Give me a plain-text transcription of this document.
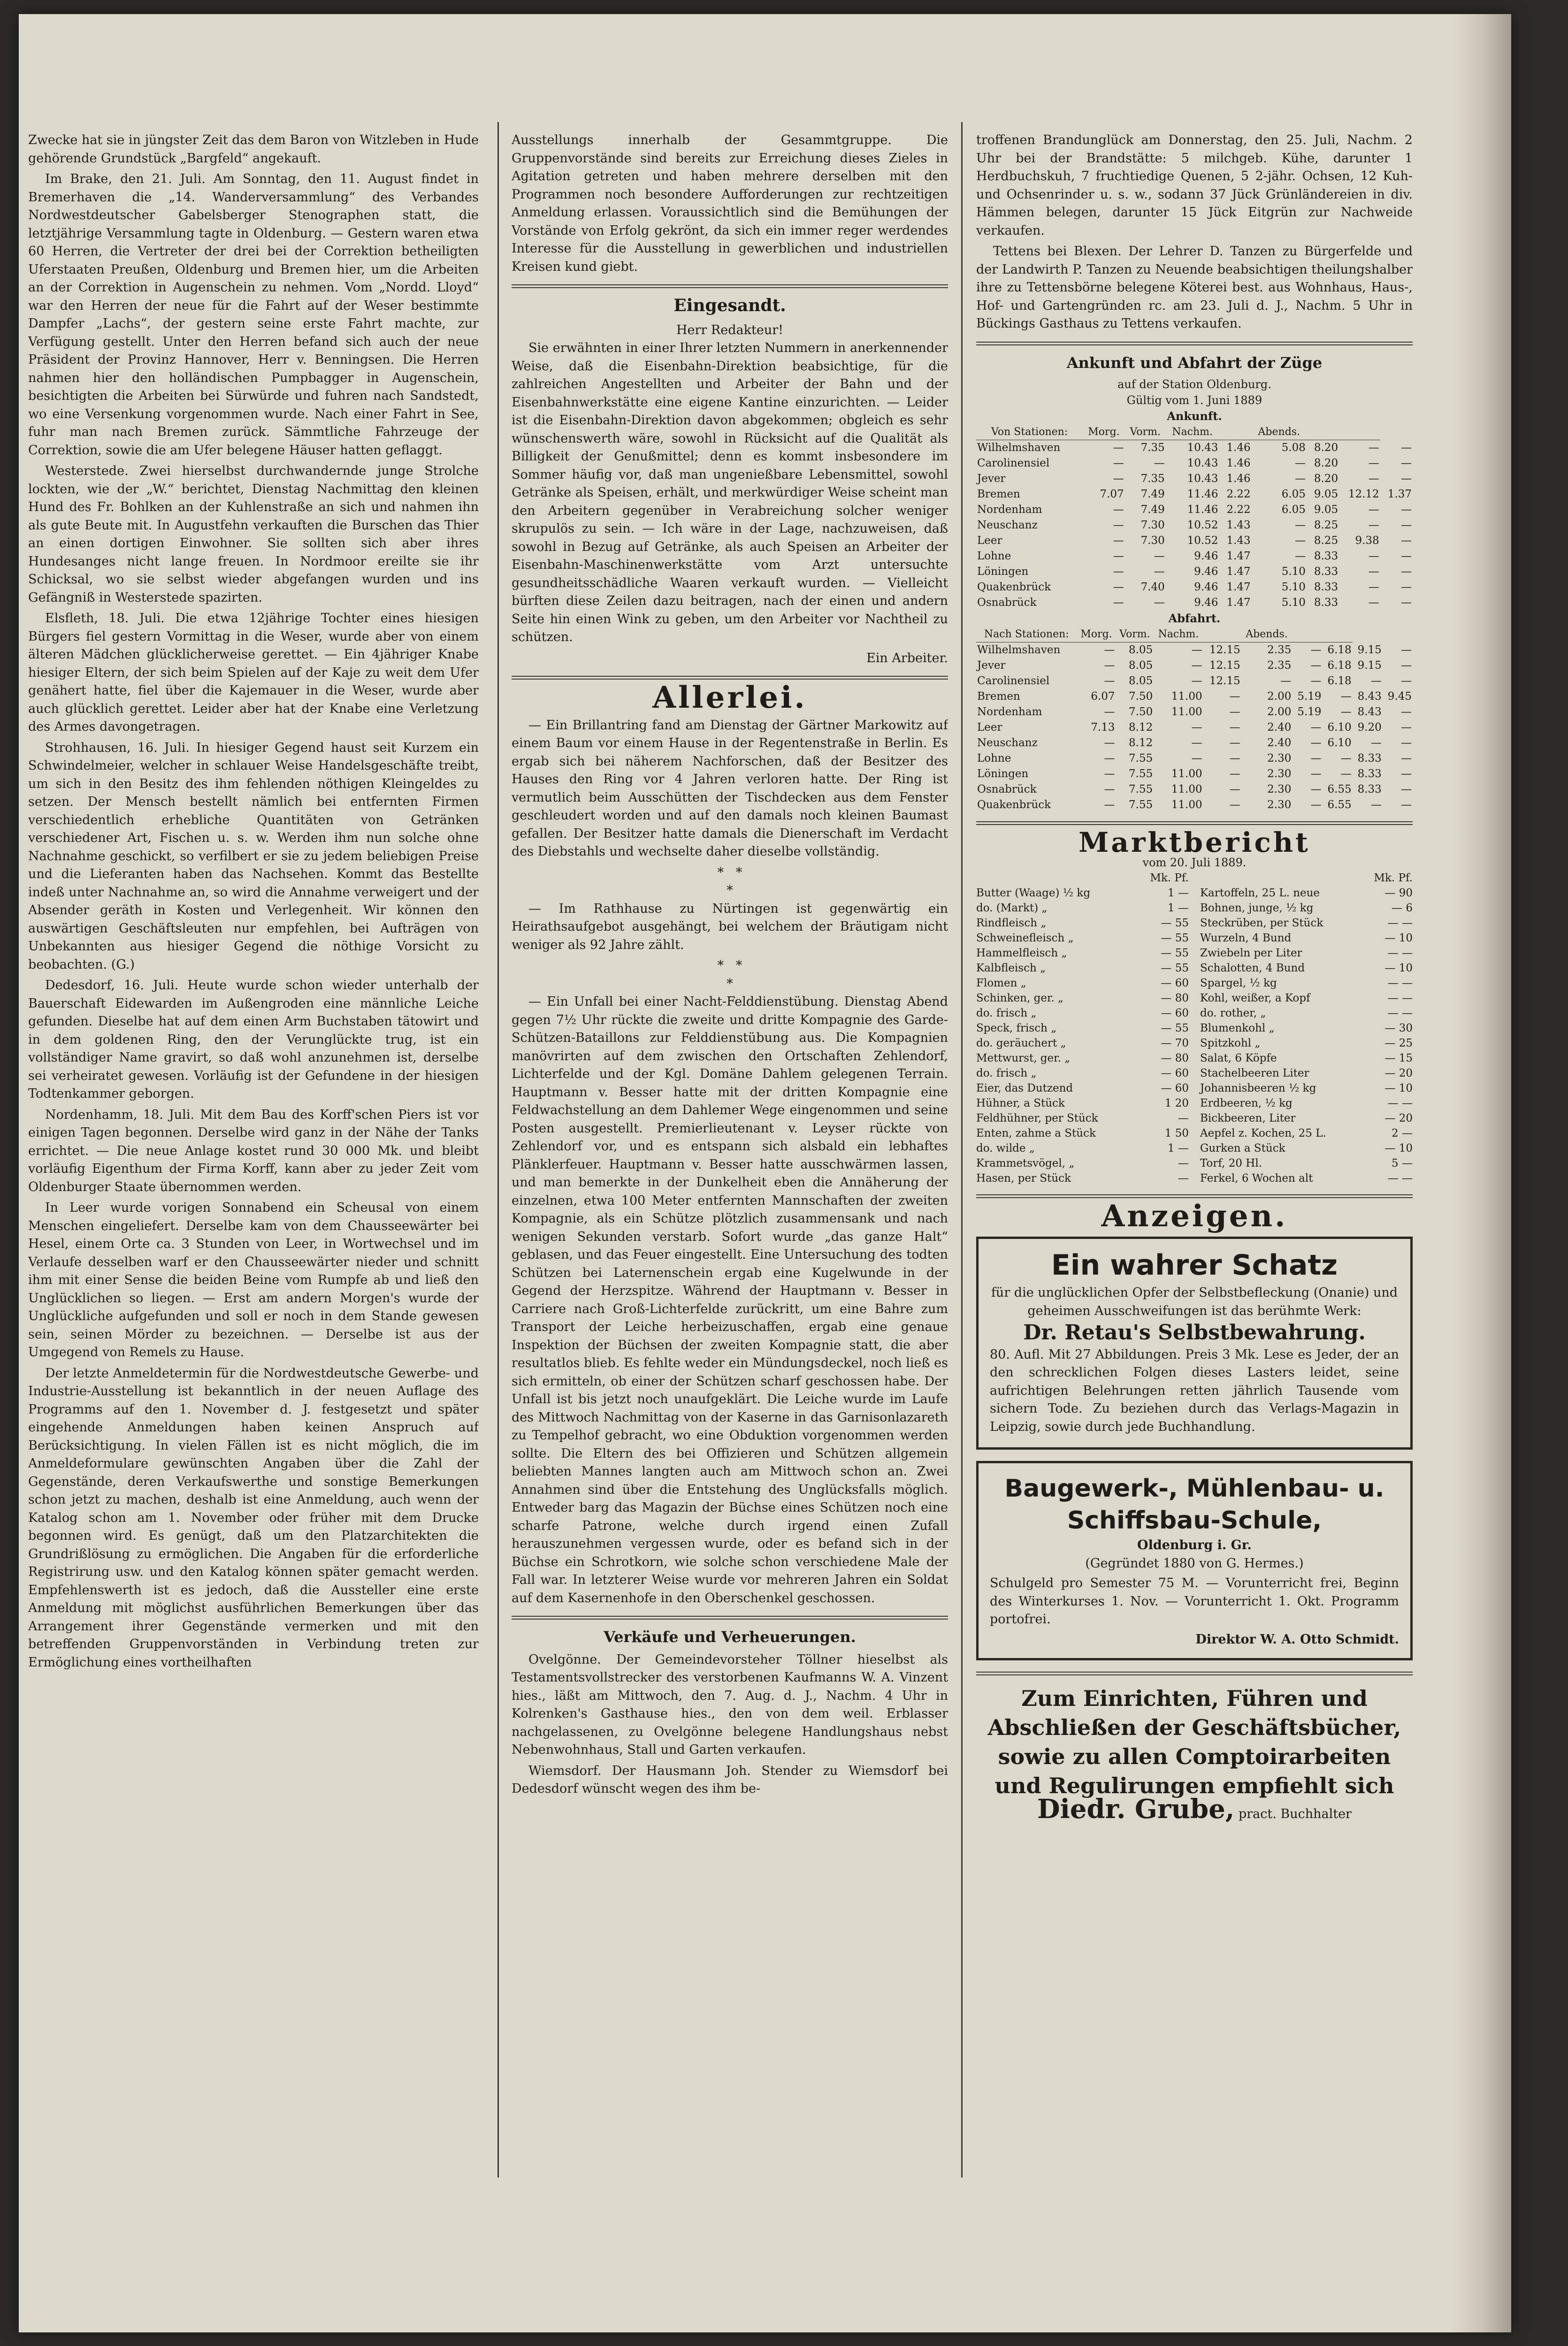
Zwecke hat sie in jüngster Zeit das dem Baron von Witzleben in Hude gehörende Grundstück „Bargfeld“ angekauft.

Im Brake, den 21. Juli. Am Sonntag, den 11. August findet in Bremerhaven die „14. Wanderversammlung“ des Verbandes Nordwestdeutscher Gabelsberger Stenographen statt, die letztjährige Versammlung tagte in Oldenburg. — Gestern waren etwa 60 Herren, die Vertreter der drei bei der Correktion betheiligten Uferstaaten Preußen, Oldenburg und Bremen hier, um die Arbeiten an der Correktion in Augenschein zu nehmen. Vom „Nordd. Lloyd“ war den Herren der neue für die Fahrt auf der Weser bestimmte Dampfer „Lachs“, der gestern seine erste Fahrt machte, zur Verfügung gestellt. Unter den Herren befand sich auch der neue Präsident der Provinz Hannover, Herr v. Benningsen. Die Herren nahmen hier den holländischen Pumpbagger in Augenschein, besichtigten die Arbeiten bei Sürwürde und fuhren nach Sandstedt, wo eine Versenkung vorgenommen wurde. Nach einer Fahrt in See, fuhr man nach Bremen zurück. Sämmtliche Fahrzeuge der Correktion, sowie die am Ufer belegene Häuser hatten geflaggt.

Westerstede. Zwei hierselbst durchwandernde junge Strolche lockten, wie der „W.“ berichtet, Dienstag Nachmittag den kleinen Hund des Fr. Bohlken an der Kuhlenstraße an sich und nahmen ihn als gute Beute mit. In Augustfehn verkauften die Burschen das Thier an einen dortigen Einwohner. Sie sollten sich aber ihres Hundesanges nicht lange freuen. In Nordmoor ereilte sie ihr Schicksal, wo sie selbst wieder abgefangen wurden und ins Gefängniß in Westerstede spazirten.

Elsfleth, 18. Juli. Die etwa 12jährige Tochter eines hiesigen Bürgers fiel gestern Vormittag in die Weser, wurde aber von einem älteren Mädchen glücklicherweise gerettet. — Ein 4jähriger Knabe hiesiger Eltern, der sich beim Spielen auf der Kaje zu weit dem Ufer genähert hatte, fiel über die Kajemauer in die Weser, wurde aber auch glücklich gerettet. Leider aber hat der Knabe eine Verletzung des Armes davongetragen.

Strohhausen, 16. Juli. In hiesiger Gegend haust seit Kurzem ein Schwindelmeier, welcher in schlauer Weise Handelsgeschäfte treibt, um sich in den Besitz des ihm fehlenden nöthigen Kleingeldes zu setzen. Der Mensch bestellt nämlich bei entfernten Firmen verschiedentlich erhebliche Quantitäten von Getränken verschiedener Art, Fischen u. s. w. Werden ihm nun solche ohne Nachnahme geschickt, so verfilbert er sie zu jedem beliebigen Preise und die Lieferanten haben das Nachsehen. Kommt das Bestellte indeß unter Nachnahme an, so wird die Annahme verweigert und der Absender geräth in Kosten und Verlegenheit. Wir können den auswärtigen Geschäftsleuten nur empfehlen, bei Aufträgen von Unbekannten aus hiesiger Gegend die nöthige Vorsicht zu beobachten. (G.)

Dedesdorf, 16. Juli. Heute wurde schon wieder unterhalb der Bauerschaft Eidewarden im Außengroden eine männliche Leiche gefunden. Dieselbe hat auf dem einen Arm Buchstaben tätowirt und in dem goldenen Ring, den der Verunglückte trug, ist ein vollständiger Name gravirt, so daß wohl anzunehmen ist, derselbe sei verheiratet gewesen. Vorläufig ist der Gefundene in der hiesigen Todtenkammer geborgen.

Nordenhamm, 18. Juli. Mit dem Bau des Korff'schen Piers ist vor einigen Tagen begonnen. Derselbe wird ganz in der Nähe der Tanks errichtet. — Die neue Anlage kostet rund 30 000 Mk. und bleibt vorläufig Eigenthum der Firma Korff, kann aber zu jeder Zeit vom Oldenburger Staate übernommen werden.

In Leer wurde vorigen Sonnabend ein Scheusal von einem Menschen eingeliefert. Derselbe kam von dem Chausseewärter bei Hesel, einem Orte ca. 3 Stunden von Leer, in Wortwechsel und im Verlaufe desselben warf er den Chausseewärter nieder und schnitt ihm mit einer Sense die beiden Beine vom Rumpfe ab und ließ den Unglücklichen so liegen. — Erst am andern Morgen's wurde der Unglückliche aufgefunden und soll er noch in dem Stande gewesen sein, seinen Mörder zu bezeichnen. — Derselbe ist aus der Umgegend von Remels zu Hause.

Der letzte Anmeldetermin für die Nordwestdeutsche Gewerbe- und Industrie-Ausstellung ist bekanntlich in der neuen Auflage des Programms auf den 1. November d. J. festgesetzt und später eingehende Anmeldungen haben keinen Anspruch auf Berücksichtigung. In vielen Fällen ist es nicht möglich, die im Anmeldeformulare gewünschten Angaben über die Zahl der Gegenstände, deren Verkaufswerthe und sonstige Bemerkungen schon jetzt zu machen, deshalb ist eine Anmeldung, auch wenn der Katalog schon am 1. November oder früher mit dem Drucke begonnen wird. Es genügt, daß um den Platzarchitekten die Grundrißlösung zu ermöglichen. Die Angaben für die erforderliche Registrirung usw. und den Katalog können später gemacht werden. Empfehlenswerth ist es jedoch, daß die Aussteller eine erste Anmeldung mit möglichst ausführlichen Bemerkungen über das Arrangement ihrer Gegenstände vermerken und mit den betreffenden Gruppenvorständen in Verbindung treten zur Ermöglichung eines vortheilhaften

Ausstellungs innerhalb der Gesammtgruppe. Die Gruppenvorstände sind bereits zur Erreichung dieses Zieles in Agitation getreten und haben mehrere derselben mit den Programmen noch besondere Aufforderungen zur rechtzeitigen Anmeldung erlassen. Voraussichtlich sind die Bemühungen der Vorstände von Erfolg gekrönt, da sich ein immer reger werdendes Interesse für die Ausstellung in gewerblichen und industriellen Kreisen kund giebt.

Eingesandt.
Herr Redakteur!

Sie erwähnten in einer Ihrer letzten Nummern in anerkennender Weise, daß die Eisenbahn-Direktion beabsichtige, für die zahlreichen Angestellten und Arbeiter der Bahn und der Eisenbahnwerkstätte eine eigene Kantine einzurichten. — Leider ist die Eisenbahn-Direktion davon abgekommen; obgleich es sehr wünschenswerth wäre, sowohl in Rücksicht auf die Qualität als Billigkeit der Genußmittel; denn es kommt insbesondere im Sommer häufig vor, daß man ungenießbare Lebensmittel, sowohl Getränke als Speisen, erhält, und merkwürdiger Weise scheint man den Arbeitern gegenüber in Verabreichung solcher weniger skrupulös zu sein. — Ich wäre in der Lage, nachzuweisen, daß sowohl in Bezug auf Getränke, als auch Speisen an Arbeiter der Eisenbahn-Maschinenwerkstätte vom Arzt untersuchte gesundheitsschädliche Waaren verkauft wurden. — Vielleicht bürften diese Zeilen dazu beitragen, nach der einen und andern Seite hin einen Wink zu geben, um den Arbeiter vor Nachtheil zu schützen.

Ein Arbeiter.
Allerlei.

— Ein Brillantring fand am Dienstag der Gärtner Markowitz auf einem Baum vor einem Hause in der Regentenstraße in Berlin. Es ergab sich bei näherem Nachforschen, daß der Besitzer des Hauses den Ring vor 4 Jahren verloren hatte. Der Ring ist vermutlich beim Ausschütten der Tischdecken aus dem Fenster geschleudert worden und auf den damals noch kleinen Baumast gefallen. Der Besitzer hatte damals die Dienerschaft im Verdacht des Diebstahls und wechselte daher dieselbe vollständig.

*   *
*

— Im Rathhause zu Nürtingen ist gegenwärtig ein Heirathsaufgebot ausgehängt, bei welchem der Bräutigam nicht weniger als 92 Jahre zählt.

*   *
*

— Ein Unfall bei einer Nacht-Felddienstübung. Dienstag Abend gegen 7½ Uhr rückte die zweite und dritte Kompagnie des Garde-Schützen-Bataillons zur Felddienstübung aus. Die Kompagnien manövrirten auf dem zwischen den Ortschaften Zehlendorf, Lichterfelde und der Kgl. Domäne Dahlem gelegenen Terrain. Hauptmann v. Besser hatte mit der dritten Kompagnie eine Feldwachstellung an dem Dahlemer Wege eingenommen und seine Posten ausgestellt. Premierlieutenant v. Leyser rückte von Zehlendorf vor, und es entspann sich alsbald ein lebhaftes Plänklerfeuer. Hauptmann v. Besser hatte ausschwärmen lassen, und man bemerkte in der Dunkelheit eben die Annäherung der einzelnen, etwa 100 Meter entfernten Mannschaften der zweiten Kompagnie, als ein Schütze plötzlich zusammensank und nach wenigen Sekunden verstarb. Sofort wurde „das ganze Halt“ geblasen, und das Feuer eingestellt. Eine Untersuchung des todten Schützen bei Laternenschein ergab eine Kugelwunde in der Gegend der Herzspitze. Während der Hauptmann v. Besser in Carriere nach Groß-Lichterfelde zurückritt, um eine Bahre zum Transport der Leiche herbeizuschaffen, ergab eine genaue Inspektion der Büchsen der zweiten Kompagnie statt, die aber resultatlos blieb. Es fehlte weder ein Mündungsdeckel, noch ließ es sich ermitteln, ob einer der Schützen scharf geschossen habe. Der Unfall ist bis jetzt noch unaufgeklärt. Die Leiche wurde im Laufe des Mittwoch Nachmittag von der Kaserne in das Garnisonlazareth zu Tempelhof gebracht, wo eine Obduktion vorgenommen werden sollte. Die Eltern des bei Offizieren und Schützen allgemein beliebten Mannes langten auch am Mittwoch schon an. Zwei Annahmen sind über die Entstehung des Unglücksfalls möglich. Entweder barg das Magazin der Büchse eines Schützen noch eine scharfe Patrone, welche durch irgend einen Zufall herauszunehmen vergessen wurde, oder es befand sich in der Büchse ein Schrotkorn, wie solche schon verschiedene Male der Fall war. In letzterer Weise wurde vor mehreren Jahren ein Soldat auf dem Kasernenhofe in den Oberschenkel geschossen.

Verkäufe und Verheuerungen.

Ovelgönne. Der Gemeindevorsteher Töllner hieselbst als Testamentsvollstrecker des verstorbenen Kaufmanns W. A. Vinzent hies., läßt am Mittwoch, den 7. Aug. d. J., Nachm. 4 Uhr in Kolrenken's Gasthause hies., den von dem weil. Erblasser nachgelassenen, zu Ovelgönne belegene Handlungshaus nebst Nebenwohnhaus, Stall und Garten verkaufen.

Wiemsdorf. Der Hausmann Joh. Stender zu Wiemsdorf bei Dedesdorf wünscht wegen des ihm be-

troffenen Brandunglück am Donnerstag, den 25. Juli, Nachm. 2 Uhr bei der Brandstätte: 5 milchgeb. Kühe, darunter 1 Herdbuchskuh, 7 fruchtiedige Quenen, 5 2-jähr. Ochsen, 12 Kuh- und Ochsenrinder u. s. w., sodann 37 Jück Grünländereien in div. Hämmen belegen, darunter 15 Jück Eitgrün zur Nachweide verkaufen.

Tettens bei Blexen. Der Lehrer D. Tanzen zu Bürgerfelde und der Landwirth P. Tanzen zu Neuende beabsichtigen theilungshalber ihre zu Tettensbörne belegene Köterei best. aus Wohnhaus, Haus-, Hof- und Gartengründen rc. am 23. Juli d. J., Nachm. 5 Uhr in Bückings Gasthaus zu Tettens verkaufen.

Ankunft und Abfahrt der Züge
auf der Station Oldenburg.
Gültig vom 1. Juni 1889
Ankunft.
Von Stationen:	Morg.	Vorm.	Nachm.		Abends.			
Wilhelmshaven	—	7.35	10.43	1.46	5.08	8.20	—	—
Carolinensiel	—	—	10.43	1.46	—	8.20	—	—
Jever	—	7.35	10.43	1.46	—	8.20	—	—
Bremen	7.07	7.49	11.46	2.22	6.05	9.05	12.12	1.37
Nordenham	—	7.49	11.46	2.22	6.05	9.05	—	—
Neuschanz	—	7.30	10.52	1.43	—	8.25	—	—
Leer	—	7.30	10.52	1.43	—	8.25	9.38	—
Lohne	—	—	9.46	1.47	—	8.33	—	—
Löningen	—	—	9.46	1.47	5.10	8.33	—	—
Quakenbrück	—	7.40	9.46	1.47	5.10	8.33	—	—
Osnabrück	—	—	9.46	1.47	5.10	8.33	—	—
Abfahrt.
Nach Stationen:	Morg.	Vorm.	Nachm.		Abends.				
Wilhelmshaven	—	8.05	—	12.15	2.35	—	6.18	9.15	—
Jever	—	8.05	—	12.15	2.35	—	6.18	9.15	—
Carolinensiel	—	8.05	—	12.15	—	—	6.18	—	—
Bremen	6.07	7.50	11.00	—	2.00	5.19	—	8.43	9.45
Nordenham	—	7.50	11.00	—	2.00	5.19	—	8.43	—
Leer	7.13	8.12	—	—	2.40	—	6.10	9.20	—
Neuschanz	—	8.12	—	—	2.40	—	6.10	—	—
Lohne	—	7.55	—	—	2.30	—	—	8.33	—
Löningen	—	7.55	11.00	—	2.30	—	—	8.33	—
Osnabrück	—	7.55	11.00	—	2.30	—	6.55	8.33	—
Quakenbrück	—	7.55	11.00	—	2.30	—	6.55	—	—
Marktbericht
vom 20. Juli 1889.
Mk. Pf.
Butter (Waage) ½ kg	1 —
do. (Markt) „	1 —
Rindfleisch „	— 55
Schweinefleisch „	— 55
Hammelfleisch „	— 55
Kalbfleisch „	— 55
Flomen „	— 60
Schinken, ger. „	— 80
do. frisch „	— 60
Speck, frisch „	— 55
do. geräuchert „	— 70
Mettwurst, ger. „	— 80
do. frisch „	— 60
Eier, das Dutzend	— 60
Hühner, a Stück	1 20
Feldhühner, per Stück	—
Enten, zahme a Stück	1 50
do. wilde „	1 —
Krammetsvögel, „	—
Hasen, per Stück	—
Mk. Pf.
Kartoffeln, 25 L. neue	— 90
Bohnen, junge, ½ kg	— 6
Steckrüben, per Stück	— —
Wurzeln, 4 Bund	— 10
Zwiebeln per Liter	— —
Schalotten, 4 Bund	— 10
Spargel, ½ kg	— —
Kohl, weißer, a Kopf	— —
do. rother, „	— —
Blumenkohl „	— 30
Spitzkohl „	— 25
Salat, 6 Köpfe	— 15
Stachelbeeren Liter	— 20
Johannisbeeren ½ kg	— 10
Erdbeeren, ½ kg	— —
Bickbeeren, Liter	— 20
Aepfel z. Kochen, 25 L.	2 —
Gurken a Stück	— 10
Torf, 20 Hl.	5 —
Ferkel, 6 Wochen alt	— —
Anzeigen.
Ein wahrer Schatz

für die unglücklichen Opfer der Selbstbefleckung (Onanie) und geheimen Ausschweifungen ist das berühmte Werk:

Dr. Retau's Selbstbewahrung.

80. Aufl. Mit 27 Abbildungen. Preis 3 Mk. Lese es Jeder, der an den schrecklichen Folgen dieses Lasters leidet, seine aufrichtigen Belehrungen retten jährlich Tausende vom sichern Tode. Zu beziehen durch das Verlags-Magazin in Leipzig, sowie durch jede Buchhandlung.

Baugewerk-, Mühlenbau- u.
Schiffsbau-Schule,
Oldenburg i. Gr.
(Gegründet 1880 von G. Hermes.)

Schulgeld pro Semester 75 M. — Vorunterricht frei, Beginn des Winterkurses 1. Nov. — Vorunterricht 1. Okt. Programm portofrei.

Direktor W. A. Otto Schmidt.
Zum Einrichten, Führen und
Abschließen der Geschäftsbücher,
sowie zu allen Comptoirarbeiten
und Regulirungen empfiehlt sich
Diedr. Grube, pract. Buchhalter
